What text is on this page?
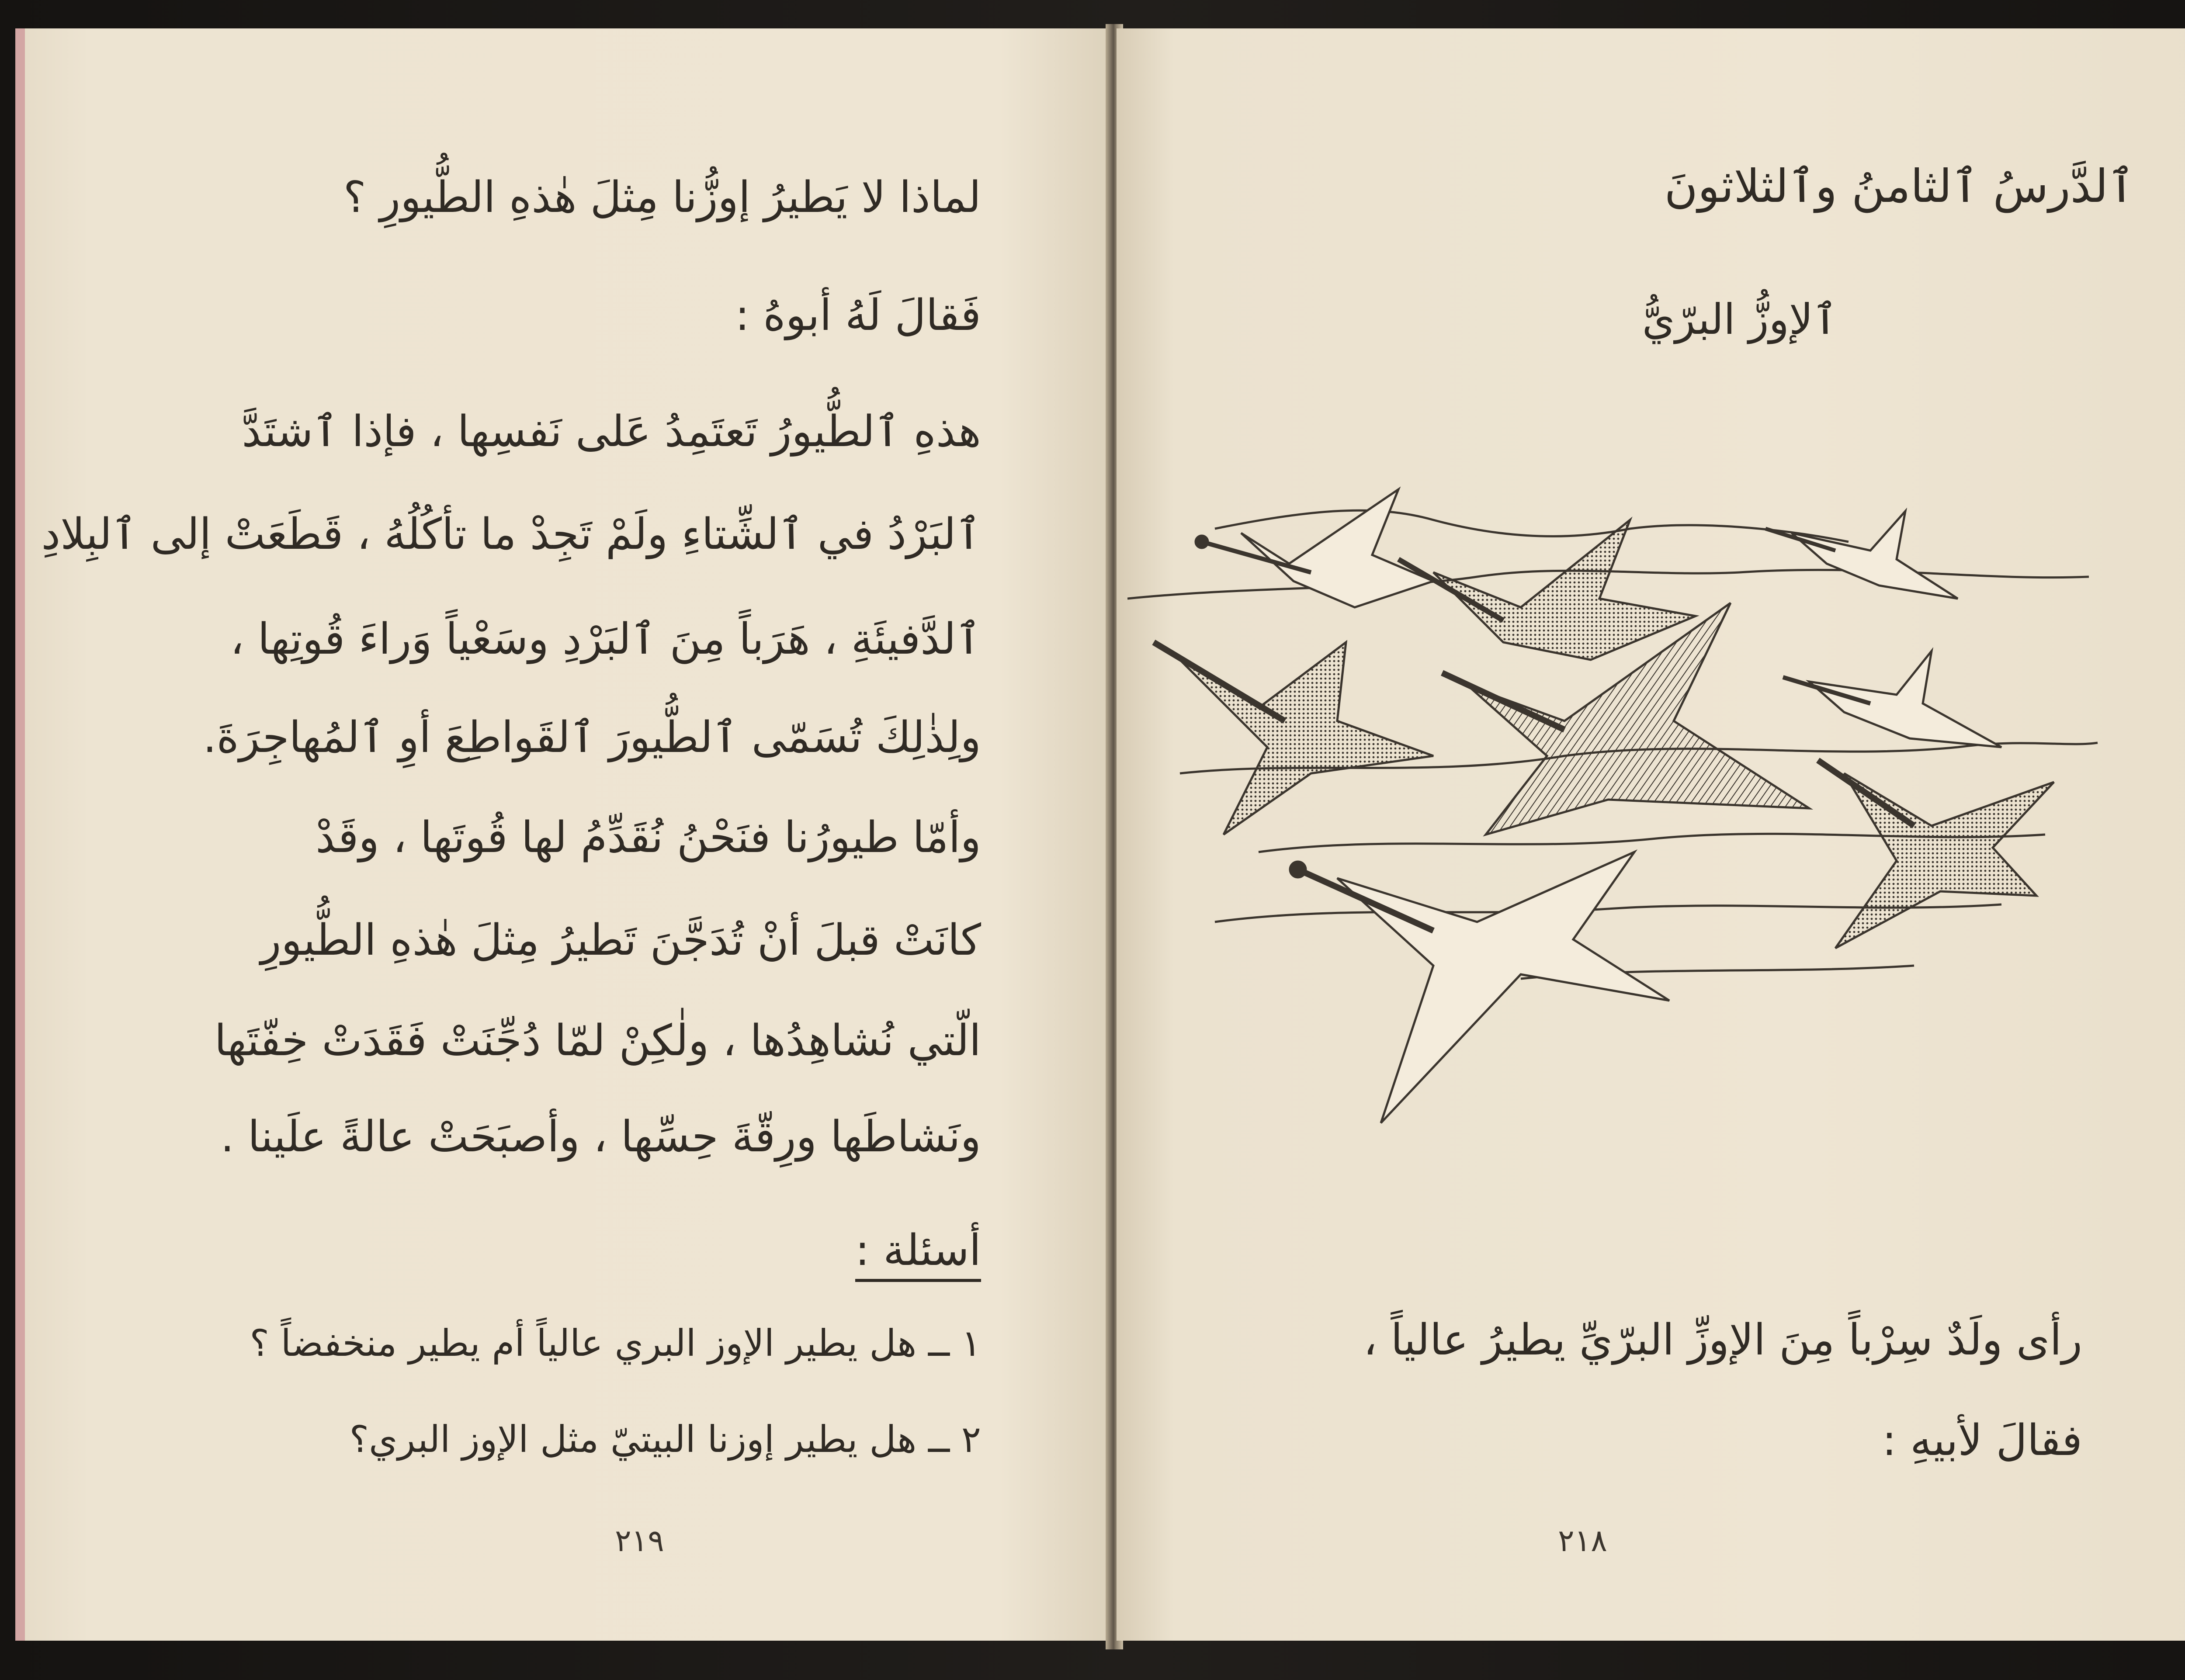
لماذا لا يَطيرُ إوزُّنا مِثلَ هٰذهِ الطُّيورِ ؟
فَقالَ لَهُ أبوهُ :
هذهِ ٱلطُّيورُ تَعتَمِدُ عَلى نَفسِها ، فإذا ٱشتَدَّ
ٱلبَرْدُ في ٱلشِّتاءِ ولَمْ تَجِدْ ما تأكُلُهُ ، قَطَعَتْ إلى ٱلبِلادِ
ٱلدَّفيئَةِ ، هَرَباً مِنَ ٱلبَرْدِ وسَعْياً وَراءَ قُوتِها ،
ولِذٰلِكَ تُسَمّى ٱلطُّيورَ ٱلقَواطِعَ أوِ ٱلمُهاجِرَةَ.
وأمّا طيورُنا فنَحْنُ نُقَدِّمُ لها قُوتَها ، وقَدْ
كانَتْ قبلَ أنْ تُدَجَّنَ تَطيرُ مِثلَ هٰذهِ الطُّيورِ
الّتي نُشاهِدُها ، ولٰكِنْ لمّا دُجِّنَتْ فَقَدَتْ خِفّتَها
ونَشاطَها ورِقّةَ حِسِّها ، وأصبَحَتْ عالةً علَينا .
أسئلة :
١ ــ هل يطير الإوز البري عالياً أم يطير منخفضاً ؟
٢ ــ هل يطير إوزنا البيتيّ مثل الإوز البري؟
٢١٩
ٱلدَّرسُ ٱلثامنُ وٱلثلاثونَ
ٱلإوزُّ البرّيُّ
رأى ولَدٌ سِرْباً مِنَ الإوزِّ البرّيِّ يطيرُ عالياً ،
فقالَ لأبيهِ :
٢١٨
